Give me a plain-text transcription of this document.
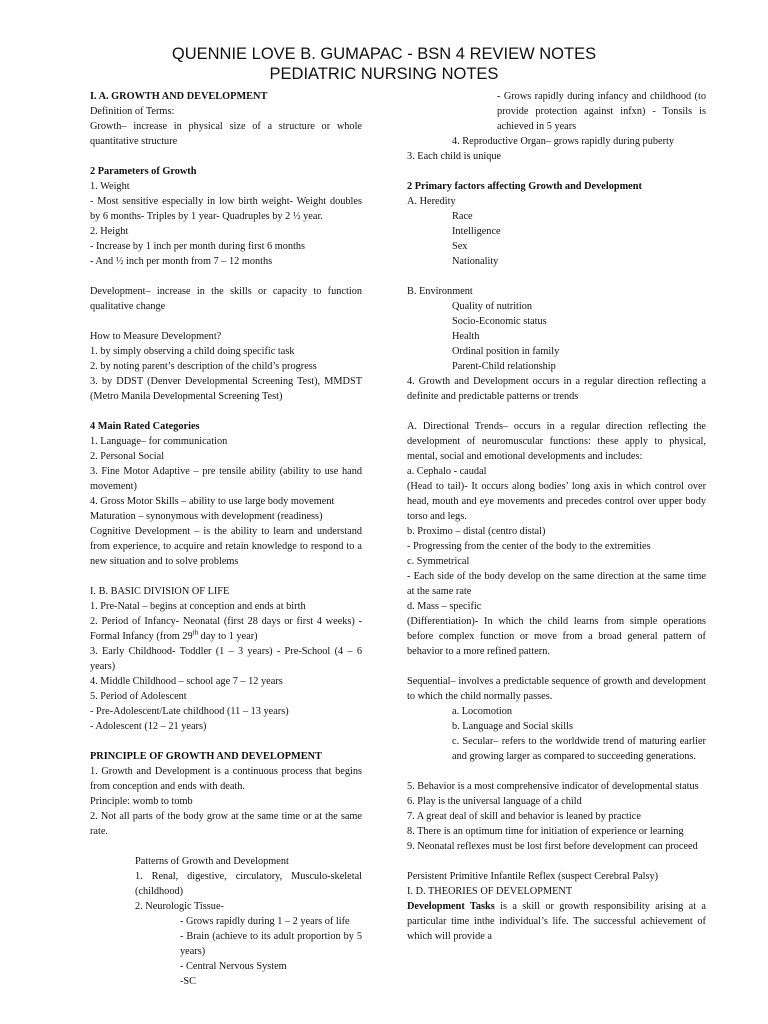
QUENNIE LOVE B. GUMAPAC - BSN 4 REVIEW NOTES
PEDIATRIC NURSING NOTES

I. A. GROWTH AND DEVELOPMENT

Definition of Terms:

Growth– increase in physical size of a structure or whole quantitative structure

2 Parameters of Growth

1. Weight

- Most sensitive especially in low birth weight- Weight doubles by 6 months- Triples by 1 year- Quadruples by 2 ½ year.

2. Height

- Increase by 1 inch per month during first 6 months

- And ½ inch per month from 7 – 12 months

Development– increase in the skills or capacity to function qualitative change

How to Measure Development?

1. by simply observing a child doing specific task

2. by noting parent’s description of the child’s progress

3. by DDST (Denver Developmental Screening Test), MMDST (Metro Manila Developmental Screening Test)

4 Main Rated Categories

1. Language– for communication

2. Personal Social

3. Fine Motor Adaptive – pre tensile ability (ability to use hand movement)

4. Gross Motor Skills – ability to use large body movement

Maturation – synonymous with development (readiness)

Cognitive Development – is the ability to learn and understand from experience, to acquire and retain knowledge to respond to a new situation and to solve problems

I. B. BASIC DIVISION OF LIFE

1. Pre-Natal – begins at conception and ends at birth

2. Period of Infancy- Neonatal (first 28 days or first 4 weeks) - Formal Infancy (from 29th day to 1 year)

3. Early Childhood- Toddler (1 – 3 years) - Pre-School (4 – 6 years)

4. Middle Childhood – school age 7 – 12 years

5. Period of Adolescent

- Pre-Adolescent/Late childhood (11 – 13 years)

- Adolescent (12 – 21 years)

PRINCIPLE OF GROWTH AND DEVELOPMENT

1. Growth and Development is a continuous process that begins from conception and ends with death.

Principle: womb to tomb

2. Not all parts of the body grow at the same time or at the same rate.

Patterns of Growth and Development

1. Renal, digestive, circulatory, Musculo-skeletal (childhood)

2. Neurologic Tissue-

- Grows rapidly during 1 – 2 years of life

- Brain (achieve to its adult proportion by 5 years)

- Central Nervous System

-SC

- Grows rapidly during infancy and childhood (to provide protection against infxn) - Tonsils is achieved in 5 years

4. Reproductive Organ– grows rapidly during puberty

3. Each child is unique

2 Primary factors affecting Growth and Development

A. Heredity

Race

Intelligence

Sex

Nationality

B. Environment

Quality of nutrition

Socio-Economic status

Health

Ordinal position in family

Parent-Child relationship

4. Growth and Development occurs in a regular direction reflecting a definite and predictable patterns or trends

A. Directional Trends– occurs in a regular direction reflecting the development of neuromuscular functions: these apply to physical, mental, social and emotional developments and includes:

a. Cephalo - caudal

(Head to tail)- It occurs along bodies’ long axis in which control over head, mouth and eye movements and precedes control over upper body torso and legs.

b. Proximo – distal (centro distal)

- Progressing from the center of the body to the extremities

c. Symmetrical

- Each side of the body develop on the same direction at the same time at the same rate

d. Mass – specific

(Differentiation)- In which the child learns from simple operations before complex function or move from a broad general pattern of behavior to a more refined pattern.

Sequential– involves a predictable sequence of growth and development to which the child normally passes.

a. Locomotion

b. Language and Social skills

c. Secular– refers to the worldwide trend of maturing earlier and growing larger as compared to succeeding generations.

5. Behavior is a most comprehensive indicator of developmental status

6. Play is the universal language of a child

7. A great deal of skill and behavior is leaned by practice

8. There is an optimum time for initiation of experience or learning

9. Neonatal reflexes must be lost first before development can proceed

Persistent Primitive Infantile Reflex (suspect Cerebral Palsy)

I. D. THEORIES OF DEVELOPMENT

Development Tasks is a skill or growth responsibility arising at a particular time inthe individual’s life. The successful achievement of which will provide a
